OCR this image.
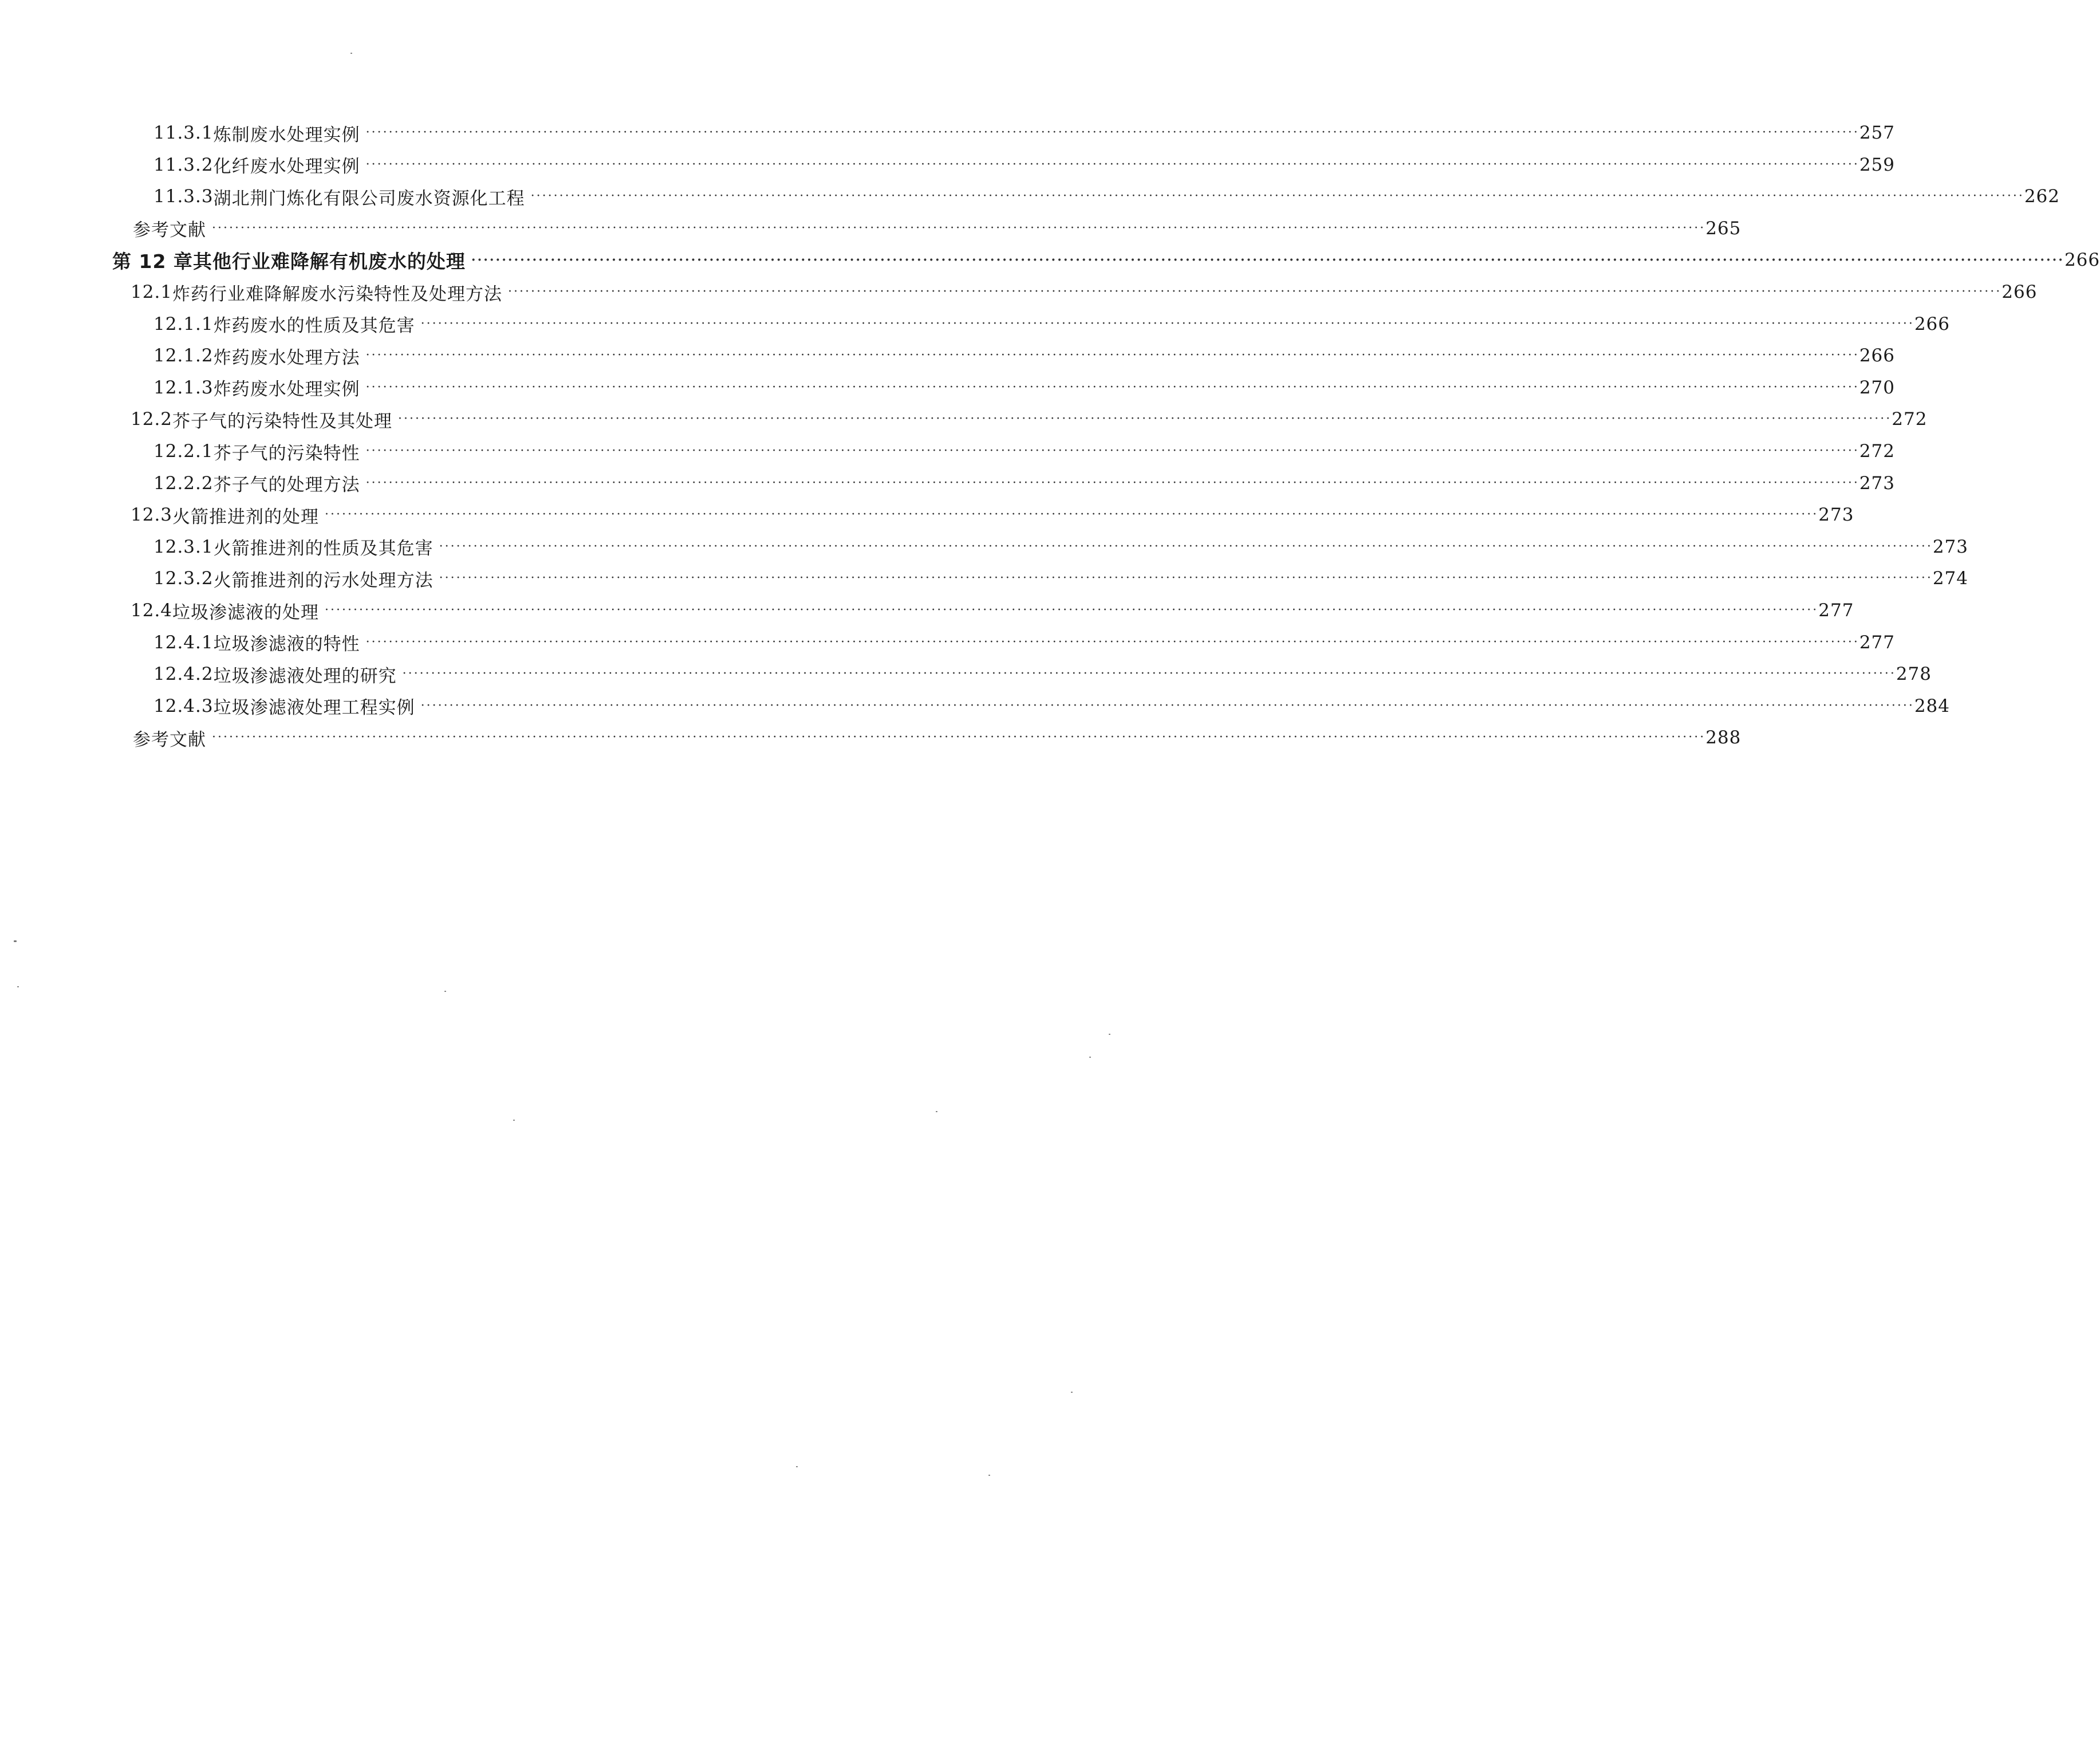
11.3.1 炼制废水处理实例 ·····	257
11.3.2 化纤废水处理实例 ·····	259
11.3.3 湖北荆门炼化有限公司废水资源化工程 ·····	262
参考文献 ·····	265
第 12 章 其他行业难降解有机废水的处理 ·····	266
12.1 炸药行业难降解废水污染特性及处理方法 ·····	266
12.1.1 炸药废水的性质及其危害 ·····	266
12.1.2 炸药废水处理方法 ·····	266
12.1.3 炸药废水处理实例 ·····	270
12.2 芥子气的污染特性及其处理 ·····	272
12.2.1 芥子气的污染特性 ·····	272
12.2.2 芥子气的处理方法 ·····	273
12.3 火箭推进剂的处理 ·····	273
12.3.1 火箭推进剂的性质及其危害 ·····	273
12.3.2 火箭推进剂的污水处理方法 ·····	274
12.4 垃圾渗滤液的处理 ·····	277
12.4.1 垃圾渗滤液的特性 ·····	277
12.4.2 垃圾渗滤液处理的研究 ·····	278
12.4.3 垃圾渗滤液处理工程实例 ·····	284
参考文献 ·····	288
